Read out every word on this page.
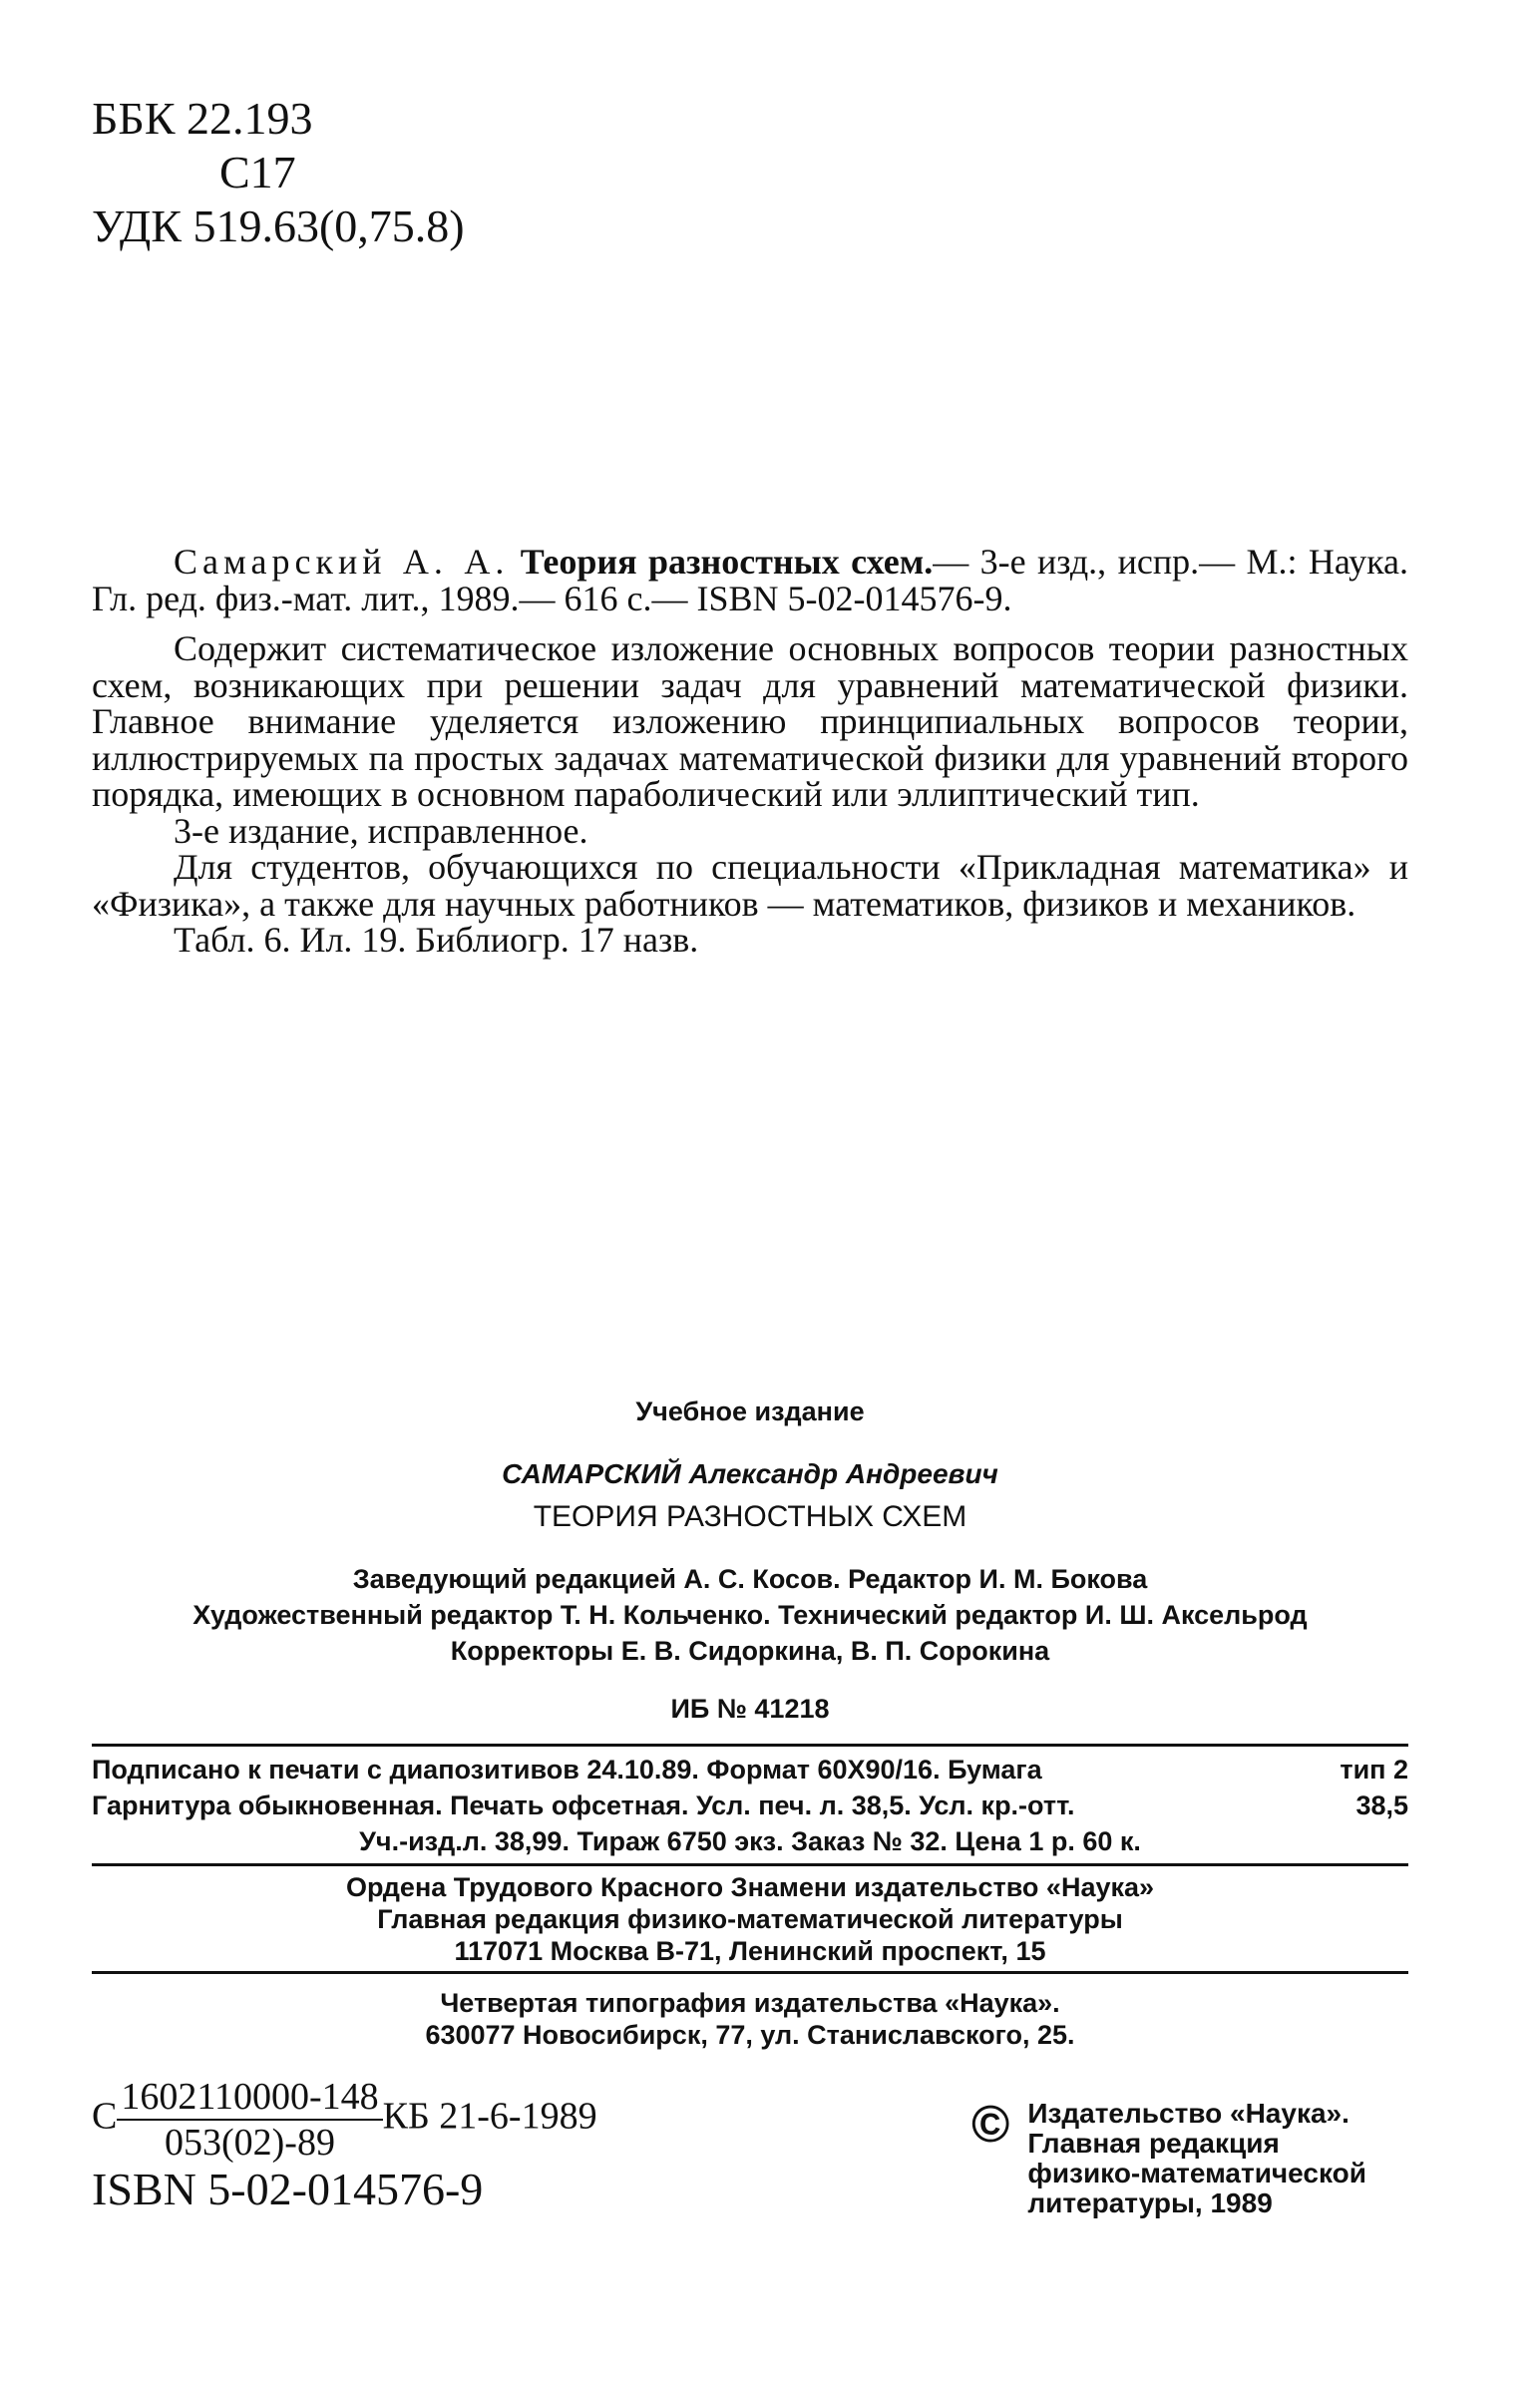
ББК 22.193
С17
УДК 519.63(0,75.8)

Самарский А. А. Теория разностных схем.— 3-е изд., испр.— М.: Наука. Гл. ред. физ.-мат. лит., 1989.— 616 с.— ISBN 5-02-014576-9.

Содержит систематическое изложение основных вопросов теории разностных схем, возникающих при решении задач для уравнений математической физики. Главное внимание уделяется изложению принципиальных вопросов теории, иллюстрируемых па простых задачах математической физики для уравнений второго порядка, имеющих в основном параболический или эллиптический тип.

3-е издание, исправленное.

Для студентов, обучающихся по специальности «Прикладная математика» и «Физика», а также для научных работников — математиков, физиков и механиков.

Табл. 6. Ил. 19. Библиогр. 17 назв.

Учебное издание
САМАРСКИЙ Александр Андреевич
ТЕОРИЯ РАЗНОСТНЫХ СХЕМ
Заведующий редакцией А. С. Косов. Редактор И. М. Бокова
Художественный редактор Т. Н. Кольченко. Технический редактор И. Ш. Аксельрод
Корректоры Е. В. Сидоркина, В. П. Сорокина
ИБ № 41218
Подписано к печати с диапозитивов 24.10.89. Формат 60Х90/16. Бумага	тип 2
Гарнитура обыкновенная. Печать офсетная. Усл. печ. л. 38,5. Усл. кр.-отт.	38,5
Уч.-изд.л. 38,99. Тираж 6750 экз. Заказ № 32. Цена 1 р. 60 к.
Ордена Трудового Красного Знамени издательство «Наука»
Главная редакция физико-математической литературы
117071 Москва В-71, Ленинский проспект, 15
Четвертая типография издательства «Наука».
630077 Новосибирск, 77, ул. Станиславского, 25.
С $\frac{1602110000-148}{053(02)-89}$ КБ 21-6-1989
ISBN 5-02-014576-9
© Издательство «Наука».
Главная редакция
физико-математической
литературы, 1989
